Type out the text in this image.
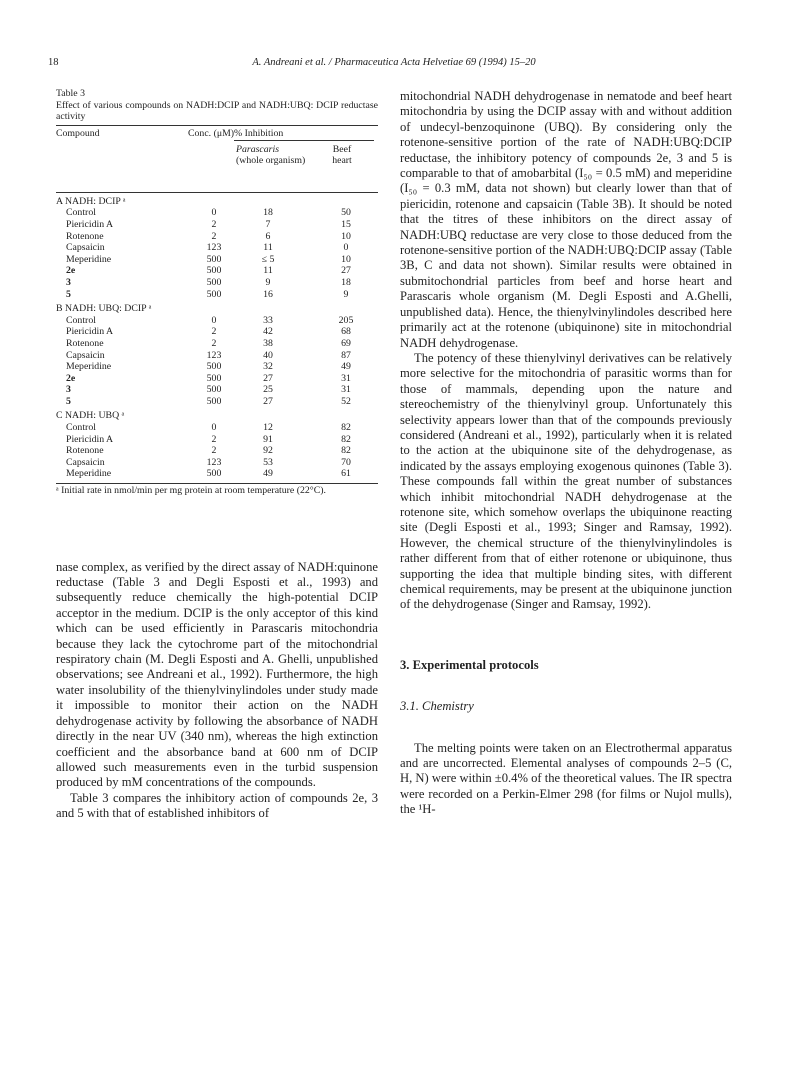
18	A. Andreani et al. / Pharmaceutica Acta Helvetiae 69 (1994) 15–20

Table 3

Effect of various compounds on NADH:DCIP and NADH:UBQ: DCIP reductase activity

Compound	Conc. (μM) % Inhibition
Parascaris
(whole organism)
Beef heart
A NADH: DCIP ᵃ
Control	0	18	50
Piericidin A	2	7	15
Rotenone	2	6	10
Capsaicin	123	11	0
Meperidine	500	≤ 5	10
2e	500	11	27
3	500	9	18
5	500	16	9
B NADH: UBQ: DCIP ᵃ
Control	0	33	205
Piericidin A	2	42	68
Rotenone	2	38	69
Capsaicin	123	40	87
Meperidine	500	32	49
2e	500	27	31
3	500	25	31
5	500	27	52
C NADH: UBQ ᵃ
Control	0	12	82
Piericidin A	2	91	82
Rotenone	2	92	82
Capsaicin	123	53	70
Meperidine	500	49	61
ᵃ Initial rate in nmol/min per mg protein at room temperature (22°C).

nase complex, as verified by the direct assay of NADH:quinone reductase (Table 3 and Degli Esposti et al., 1993) and subsequently reduce chemically the high-potential DCIP acceptor in the medium. DCIP is the only acceptor of this kind which can be used efficiently in Parascaris mitochondria because they lack the cytochrome part of the mitochondrial respiratory chain (M. Degli Esposti and A. Ghelli, unpublished observations; see Andreani et al., 1992). Furthermore, the high water insolubility of the thienylvinylindoles under study made it impossible to monitor their action on the NADH dehydrogenase activity by following the absorbance of NADH directly in the near UV (340 nm), whereas the high extinction coefficient and the absorbance band at 600 nm of DCIP allowed such measurements even in the turbid suspension produced by mM concentrations of the compounds.

Table 3 compares the inhibitory action of compounds 2e, 3 and 5 with that of established inhibitors of

mitochondrial NADH dehydrogenase in nematode and beef heart mitochondria by using the DCIP assay with and without addition of undecyl-benzoquinone (UBQ). By considering only the rotenone-sensitive portion of the rate of NADH:UBQ:DCIP reductase, the inhibitory potency of compounds 2e, 3 and 5 is comparable to that of amobarbital (I₅₀ = 0.5 mM) and meperidine (I₅₀ = 0.3 mM, data not shown) but clearly lower than that of piericidin, rotenone and capsaicin (Table 3B). It should be noted that the titres of these inhibitors on the direct assay of NADH:UBQ reductase are very close to those deduced from the rotenone-sensitive portion of the NADH:UBQ:DCIP assay (Table 3B, C and data not shown). Similar results were obtained in submitochondrial particles from beef and horse heart and Parascaris whole organism (M. Degli Esposti and A.Ghelli, unpublished data). Hence, the thienylvinylindoles described here primarily act at the rotenone (ubiquinone) site in mitochondrial NADH dehydrogenase.

The potency of these thienylvinyl derivatives can be relatively more selective for the mitochondria of parasitic worms than for those of mammals, depending upon the nature and stereochemistry of the thienylvinyl group. Unfortunately this selectivity appears lower than that of the compounds previously considered (Andreani et al., 1992), particularly when it is related to the action at the ubiquinone site of the dehydrogenase, as indicated by the assays employing exogenous quinones (Table 3). These compounds fall within the great number of substances which inhibit mitochondrial NADH dehydrogenase at the rotenone site, which somehow overlaps the ubiquinone reacting site (Degli Esposti et al., 1993; Singer and Ramsay, 1992). However, the chemical structure of the thienylvinylindoles is rather different from that of either rotenone or ubiquinone, thus supporting the idea that multiple binding sites, with different chemical requirements, may be present at the ubiquinone junction of the dehydrogenase (Singer and Ramsay, 1992).

3. Experimental protocols

3.1. Chemistry

The melting points were taken on an Electrothermal apparatus and are uncorrected. Elemental analyses of compounds 2–5 (C, H, N) were within ±0.4% of the theoretical values. The IR spectra were recorded on a Perkin-Elmer 298 (for films or Nujol mulls), the ¹H-
